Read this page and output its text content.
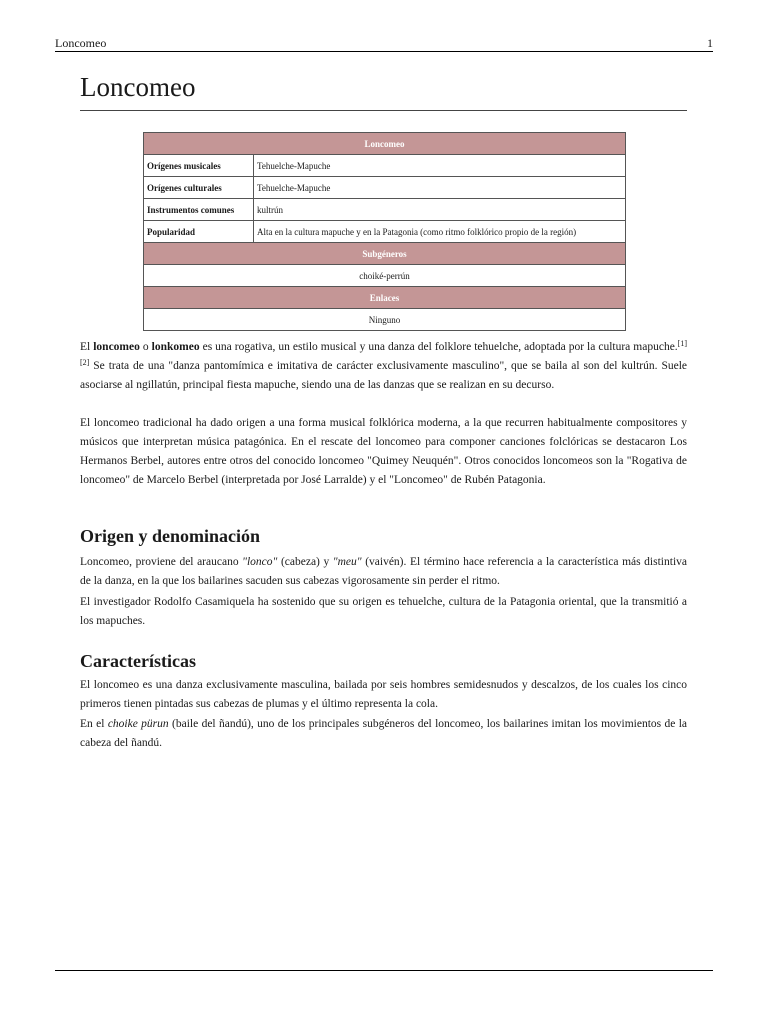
Loncomeo	1
Loncomeo
Loncomeo	
Orígenes musicales	Tehuelche-Mapuche
Orígenes culturales	Tehuelche-Mapuche
Instrumentos comunes	kultrún
Popularidad	Alta en la cultura mapuche y en la Patagonia (como ritmo folklórico propio de la región)
Subgéneros	
choiké-perrún	
Enlaces	
Ninguno	

El loncomeo o lonkomeo es una rogativa, un estilo musical y una danza del folklore tehuelche, adoptada por la cultura mapuche.[1][2] Se trata de una "danza pantomímica e imitativa de carácter exclusivamente masculino", que se baila al son del kultrún. Suele asociarse al ngillatún, principal fiesta mapuche, siendo una de las danzas que se realizan en su decurso.

El loncomeo tradicional ha dado origen a una forma musical folklórica moderna, a la que recurren habitualmente compositores y músicos que interpretan música patagónica. En el rescate del loncomeo para componer canciones folclóricas se destacaron Los Hermanos Berbel, autores entre otros del conocido loncomeo "Quimey Neuquén". Otros conocidos loncomeos son la "Rogativa de loncomeo" de Marcelo Berbel (interpretada por José Larralde) y el "Loncomeo" de Rubén Patagonia.

Origen y denominación

Loncomeo, proviene del araucano "lonco" (cabeza) y "meu" (vaivén). El término hace referencia a la característica más distintiva de la danza, en la que los bailarines sacuden sus cabezas vigorosamente sin perder el ritmo.

El investigador Rodolfo Casamiquela ha sostenido que su origen es tehuelche, cultura de la Patagonia oriental, que la transmitió a los mapuches.

Características

El loncomeo es una danza exclusivamente masculina, bailada por seis hombres semidesnudos y descalzos, de los cuales los cinco primeros tienen pintadas sus cabezas de plumas y el último representa la cola.

En el choike pürun (baile del ñandú), uno de los principales subgéneros del loncomeo, los bailarines imitan los movimientos de la cabeza del ñandú.
